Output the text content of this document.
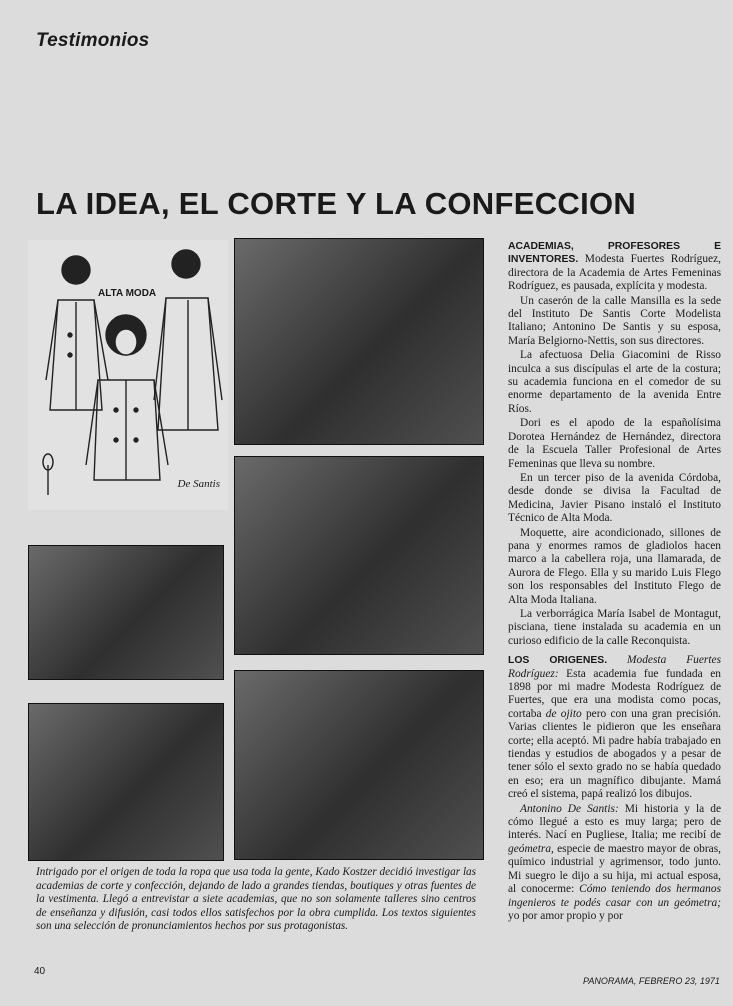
Testimonios
LA IDEA, EL CORTE Y LA CONFECCION
ALTA MODA
De Santis

ACADEMIAS, PROFESORES E INVENTORES. Modesta Fuertes Rodríguez, directora de la Academia de Artes Femeninas Rodríguez, es pausada, explícita y modesta.

Un caserón de la calle Mansilla es la sede del Instituto De Santis Corte Modelista Italiano; Antonino De Santis y su esposa, María Belgiorno-Nettis, son sus directores.

La afectuosa Delia Giacomini de Risso inculca a sus discípulas el arte de la costura; su academia funciona en el comedor de su enorme departamento de la avenida Entre Ríos.

Dori es el apodo de la españolísima Dorotea Hernández de Hernández, directora de la Escuela Taller Profesional de Artes Femeninas que lleva su nombre.

En un tercer piso de la avenida Córdoba, desde donde se divisa la Facultad de Medicina, Javier Pisano instaló el Instituto Técnico de Alta Moda.

Moquette, aire acondicionado, sillones de pana y enormes ramos de gladiolos hacen marco a la cabellera roja, una llamarada, de Aurora de Flego. Ella y su marido Luis Flego son los responsables del Instituto Flego de Alta Moda Italiana.

La verborrágica María Isabel de Montagut, pisciana, tiene instalada su academia en un curioso edificio de la calle Reconquista.

LOS ORIGENES. Modesta Fuertes Rodríguez: Esta academia fue fundada en 1898 por mi madre Modesta Rodríguez de Fuertes, que era una modista como pocas, cortaba de ojito pero con una gran precisión. Varias clientes le pidieron que les enseñara corte; ella aceptó. Mi padre había trabajado en tiendas y estudios de abogados y a pesar de tener sólo el sexto grado no se había quedado en eso; era un magnífico dibujante. Mamá creó el sistema, papá realizó los dibujos.

Antonino De Santis: Mi historia y la de cómo llegué a esto es muy larga; pero de interés. Nací en Pugliese, Italia; me recibí de geómetra, especie de maestro mayor de obras, químico industrial y agrimensor, todo junto. Mi suegro le dijo a su hija, mi actual esposa, al conocerme: Cómo teniendo dos hermanos ingenieros te podés casar con un geómetra; yo por amor propio y por

Intrigado por el origen de toda la ropa que usa toda la gente, Kado Kostzer decidió investigar las academias de corte y confección, dejando de lado a grandes tiendas, boutiques y otras fuentes de la vestimenta. Llegó a entrevistar a siete academias, que no son solamente talleres sino centros de enseñanza y difusión, casi todos ellos satisfechos por la obra cumplida. Los textos siguientes son una selección de pronunciamientos hechos por sus protagonistas.
40
PANORAMA, FEBRERO 23, 1971
